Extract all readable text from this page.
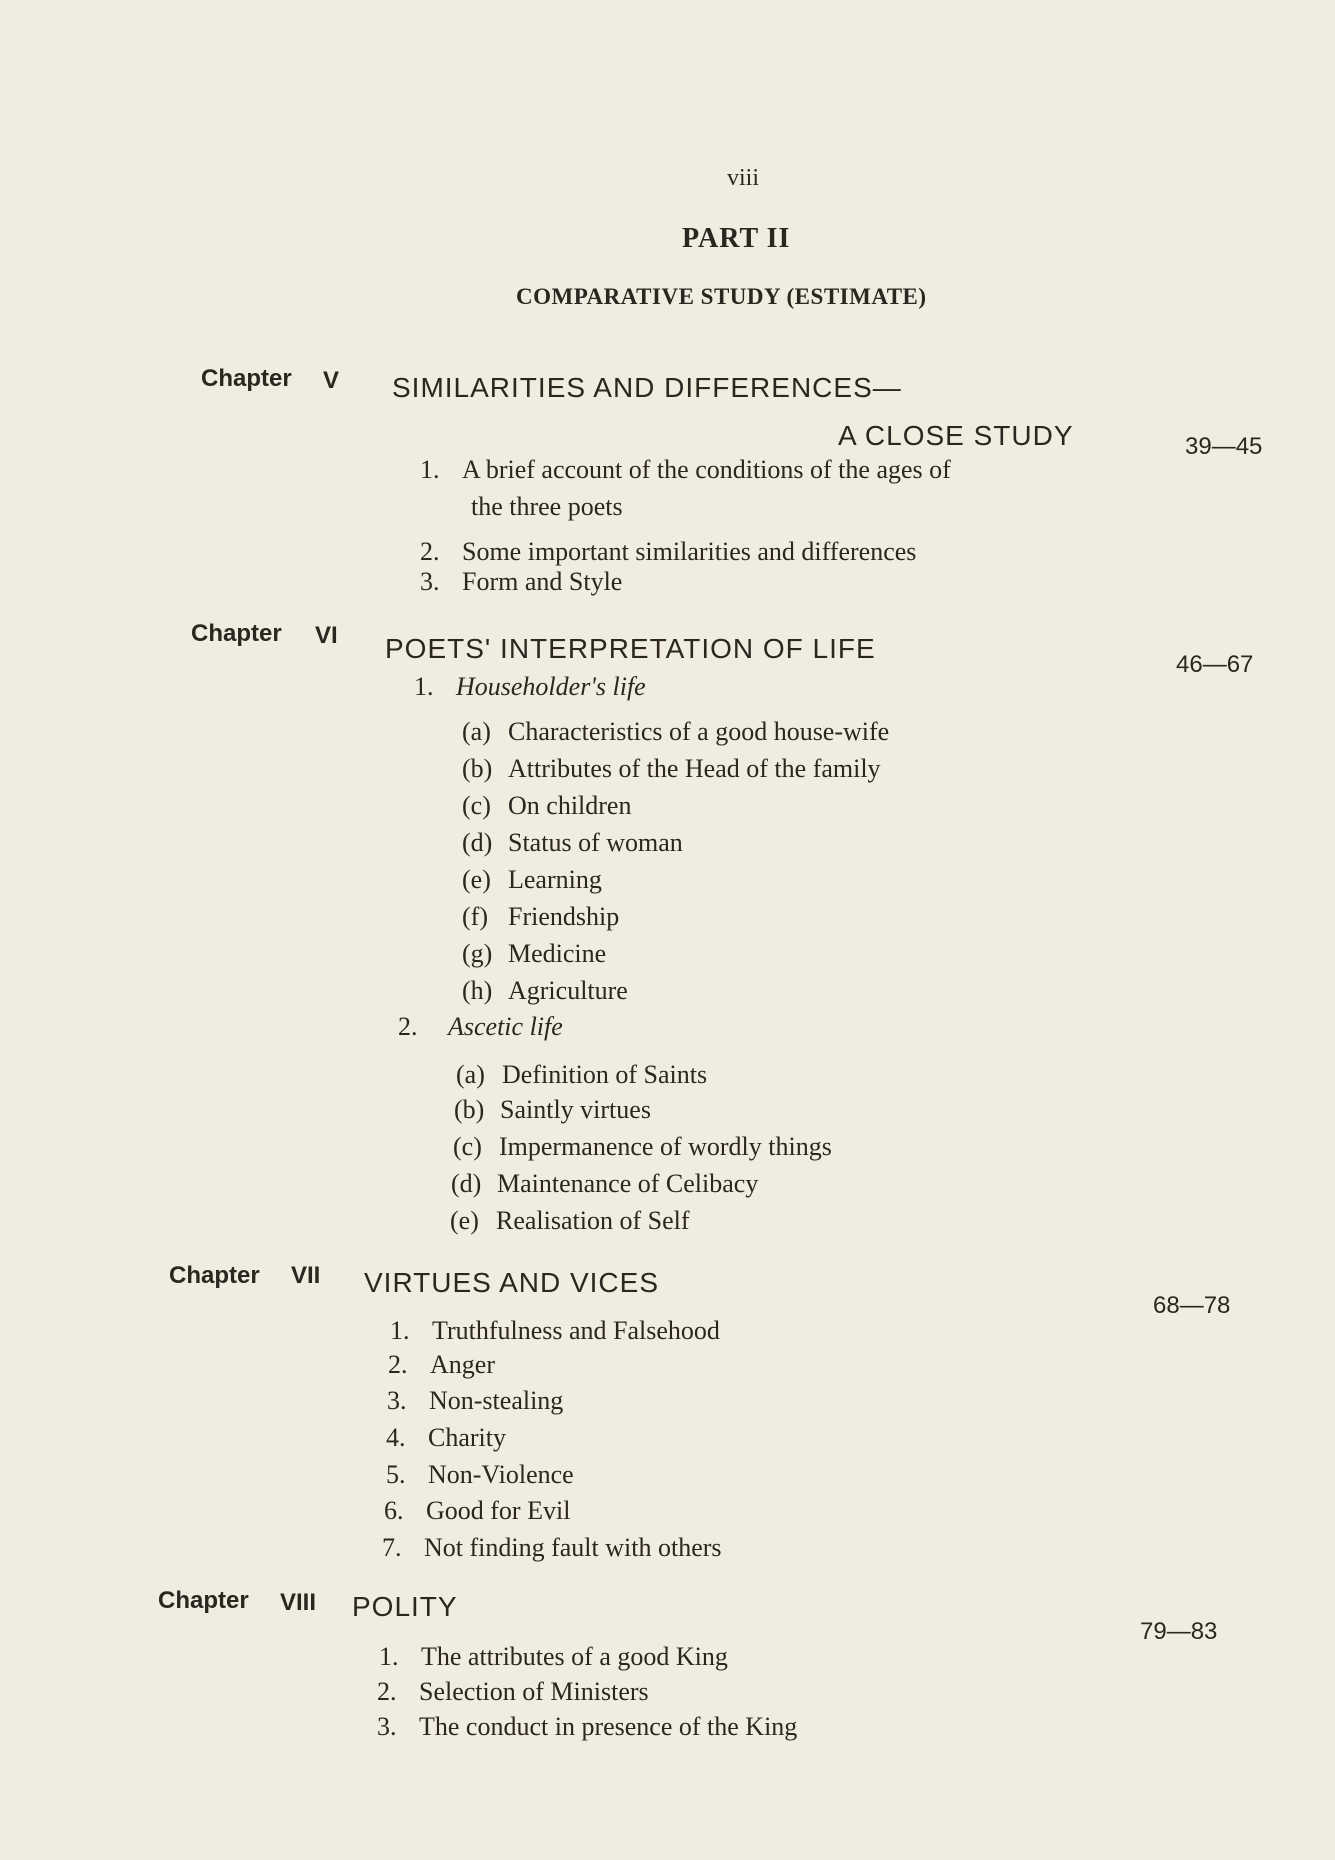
viii
PART II
COMPARATIVE STUDY (ESTIMATE)
Chapter V SIMILARITIES AND DIFFERENCES—
A CLOSE STUDY	39—45
1. A brief account of the conditions of the ages of
the three poets
2. Some important similarities and differences
3. Form and Style
Chapter VI POETS' INTERPRETATION OF LIFE
46—67
1. Householder's life
(a) Characteristics of a good house-wife
(b) Attributes of the Head of the family
(c) On children
(d) Status of woman
(e) Learning
(f) Friendship
(g) Medicine
(h) Agriculture
2. Ascetic life
(a) Definition of Saints
(b) Saintly virtues
(c) Impermanence of wordly things
(d) Maintenance of Celibacy
(e) Realisation of Self
Chapter VII VIRTUES AND VICES
68—78
1. Truthfulness and Falsehood
2. Anger
3. Non-stealing
4. Charity
5. Non-Violence
6. Good for Evil
7. Not finding fault with others
Chapter VIII POLITY
79—83
1. The attributes of a good King
2. Selection of Ministers
3. The conduct in presence of the King
